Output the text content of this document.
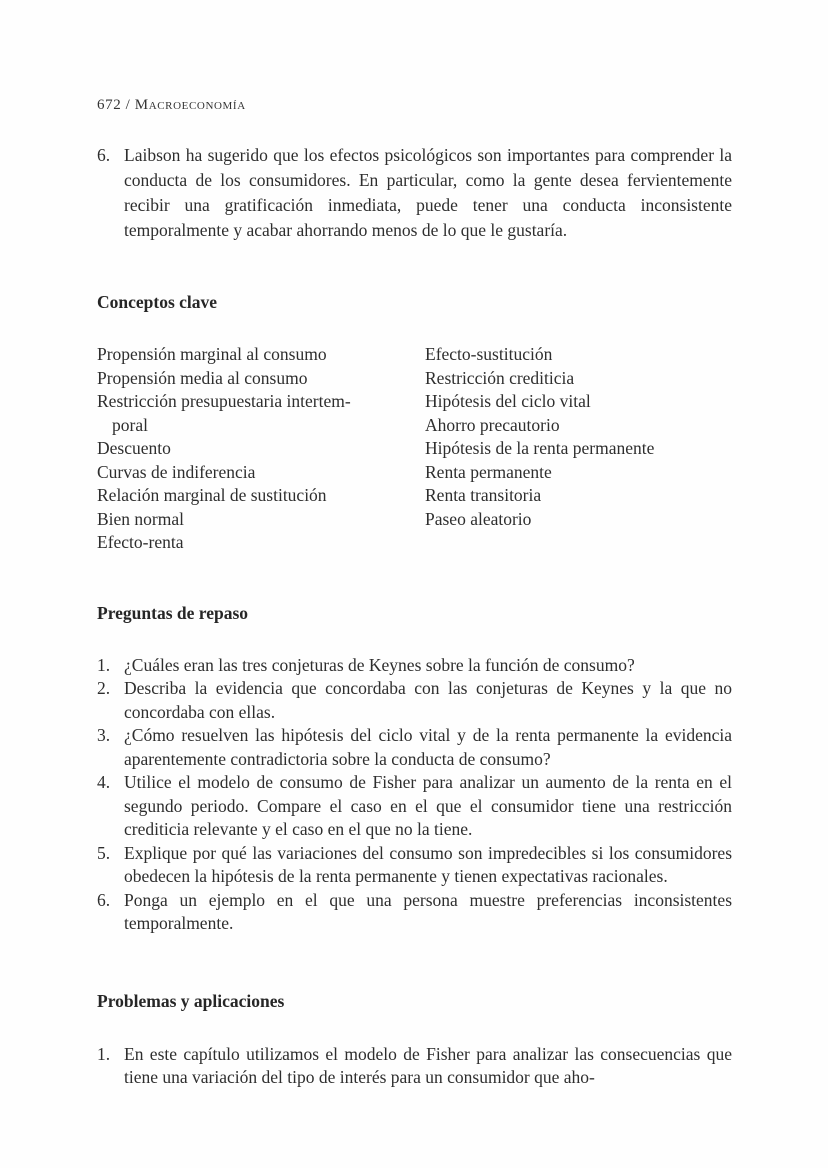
672 / Macroeconomía
6. Laibson ha sugerido que los efectos psicológicos son importantes para comprender la conducta de los consumidores. En particular, como la gente desea fervientemente recibir una gratificación inmediata, puede tener una conducta inconsistente temporalmente y acabar ahorrando menos de lo que le gustaría.
Conceptos clave
Propensión marginal al consumo
Propensión media al consumo
Restricción presupuestaria intertem-
poral
Descuento
Curvas de indiferencia
Relación marginal de sustitución
Bien normal
Efecto-renta
Efecto-sustitución
Restricción crediticia
Hipótesis del ciclo vital
Ahorro precautorio
Hipótesis de la renta permanente
Renta permanente
Renta transitoria
Paseo aleatorio
Preguntas de repaso
1. ¿Cuáles eran las tres conjeturas de Keynes sobre la función de consumo?
2. Describa la evidencia que concordaba con las conjeturas de Keynes y la que no concordaba con ellas.
3. ¿Cómo resuelven las hipótesis del ciclo vital y de la renta permanente la evidencia aparentemente contradictoria sobre la conducta de consumo?
4. Utilice el modelo de consumo de Fisher para analizar un aumento de la renta en el segundo periodo. Compare el caso en el que el consumidor tiene una restricción crediticia relevante y el caso en el que no la tiene.
5. Explique por qué las variaciones del consumo son impredecibles si los consumidores obedecen la hipótesis de la renta permanente y tienen expectativas racionales.
6. Ponga un ejemplo en el que una persona muestre preferencias inconsistentes temporalmente.
Problemas y aplicaciones
1. En este capítulo utilizamos el modelo de Fisher para analizar las consecuencias que tiene una variación del tipo de interés para un consumidor que aho-
